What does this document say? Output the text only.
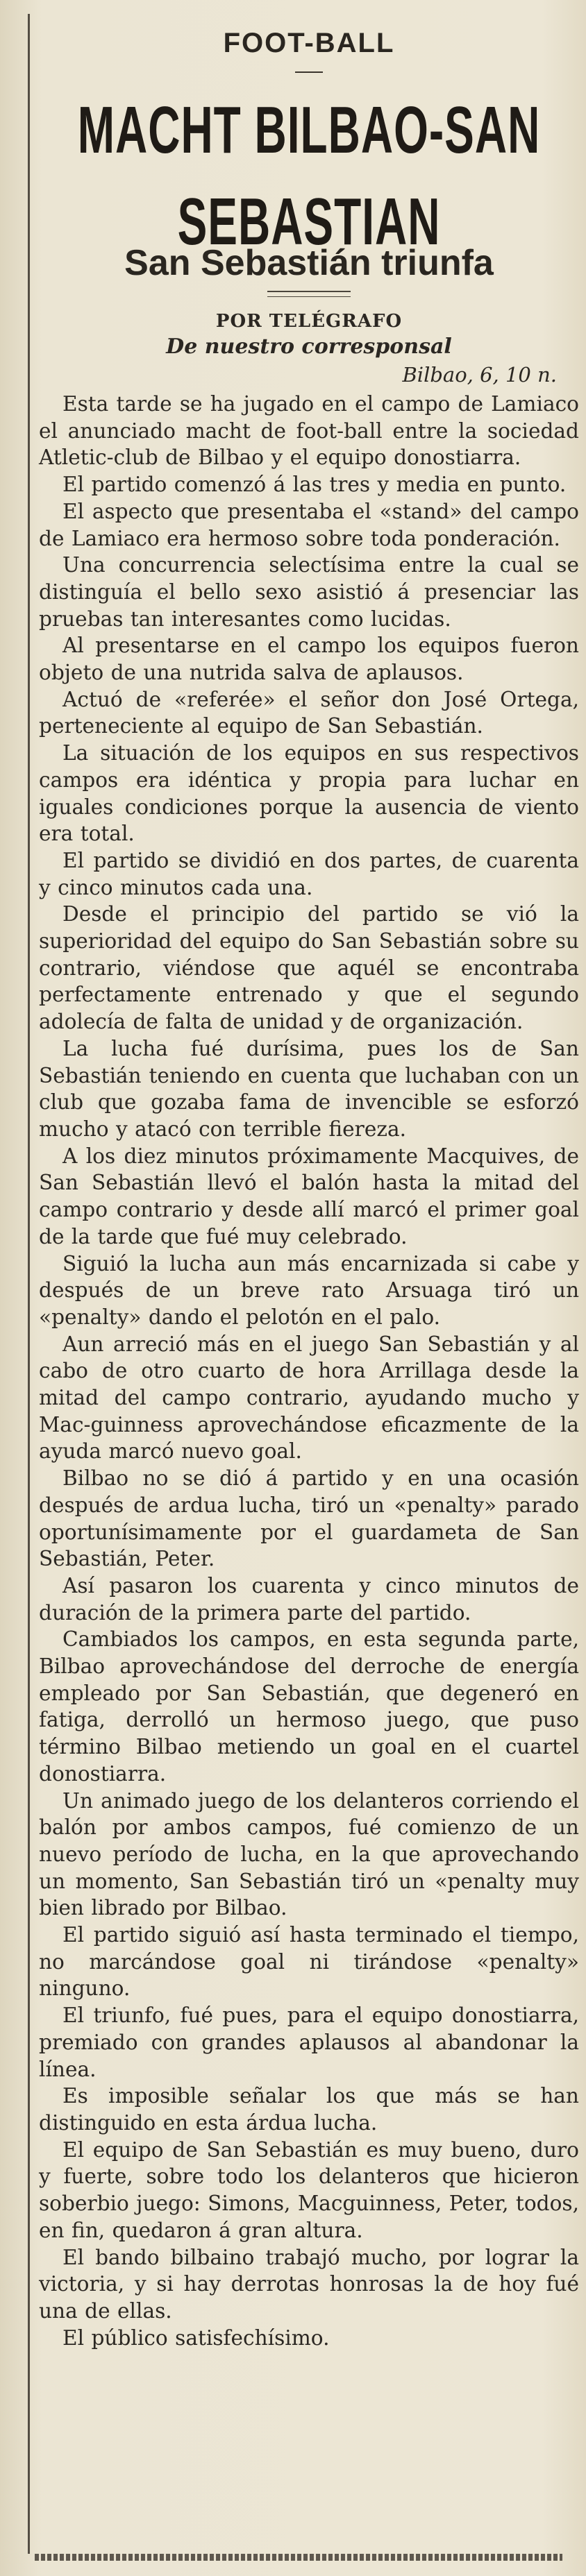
FOOT-BALL
MACHT BILBAO-SAN SEBASTIAN
San Sebastián triunfa
POR TELÉGRAFO
De nuestro corresponsal
Bilbao, 6, 10 n.

Esta tarde se ha jugado en el campo de Lamiaco el anunciado macht de foot-ball entre la sociedad Atletic-club de Bilbao y el equipo donostiarra.

El partido comenzó á las tres y media en punto.

El aspecto que presentaba el «stand» del campo de Lamiaco era hermoso sobre toda ponderación.

Una concurrencia selectísima entre la cual se distinguía el bello sexo asistió á presenciar las pruebas tan interesantes como lucidas.

Al presentarse en el campo los equipos fueron objeto de una nutrida salva de aplausos.

Actuó de «referée» el señor don José Ortega, perteneciente al equipo de San Sebastián.

La situación de los equipos en sus respectivos campos era idéntica y propia para luchar en iguales condiciones porque la ausencia de viento era total.

El partido se dividió en dos partes, de cuarenta y cinco minutos cada una.

Desde el principio del partido se vió la superioridad del equipo do San Sebastián sobre su contrario, viéndose que aquél se encontraba perfectamente entrenado y que el segundo adolecía de falta de unidad y de organización.

La lucha fué durísima, pues los de San Sebastián teniendo en cuenta que luchaban con un club que gozaba fama de invencible se esforzó mucho y atacó con terrible fiereza.

A los diez minutos próximamente Macquives, de San Sebastián llevó el balón hasta la mitad del campo contrario y desde allí marcó el primer goal de la tarde que fué muy celebrado.

Siguió la lucha aun más encarnizada si cabe y después de un breve rato Arsuaga tiró un «penalty» dando el pelotón en el palo.

Aun arreció más en el juego San Sebastián y al cabo de otro cuarto de hora Arrillaga desde la mitad del campo contrario, ayudando mucho y Mac-guinness aprovechándose eficazmente de la ayuda marcó nuevo goal.

Bilbao no se dió á partido y en una ocasión después de ardua lucha, tiró un «penalty» parado oportunísimamente por el guardameta de San Sebastián, Peter.

Así pasaron los cuarenta y cinco minutos de duración de la primera parte del partido.

Cambiados los campos, en esta segunda parte, Bilbao aprovechándose del derroche de energía empleado por San Sebastián, que degeneró en fatiga, derrolló un hermoso juego, que puso término Bilbao metiendo un goal en el cuartel donostiarra.

Un animado juego de los delanteros corriendo el balón por ambos campos, fué comienzo de un nuevo período de lucha, en la que aprovechando un momento, San Sebastián tiró un «penalty muy bien librado por Bilbao.

El partido siguió así hasta terminado el tiempo, no marcándose goal ni tirándose «penalty» ninguno.

El triunfo, fué pues, para el equipo donostiarra, premiado con grandes aplausos al abandonar la línea.

Es imposible señalar los que más se han distinguido en esta árdua lucha.

El equipo de San Sebastián es muy bueno, duro y fuerte, sobre todo los delanteros que hicieron soberbio juego: Simons, Macguinness, Peter, todos, en fin, quedaron á gran altura.

El bando bilbaino trabajó mucho, por lograr la victoria, y si hay derrotas honrosas la de hoy fué una de ellas.

El público satisfechísimo.
